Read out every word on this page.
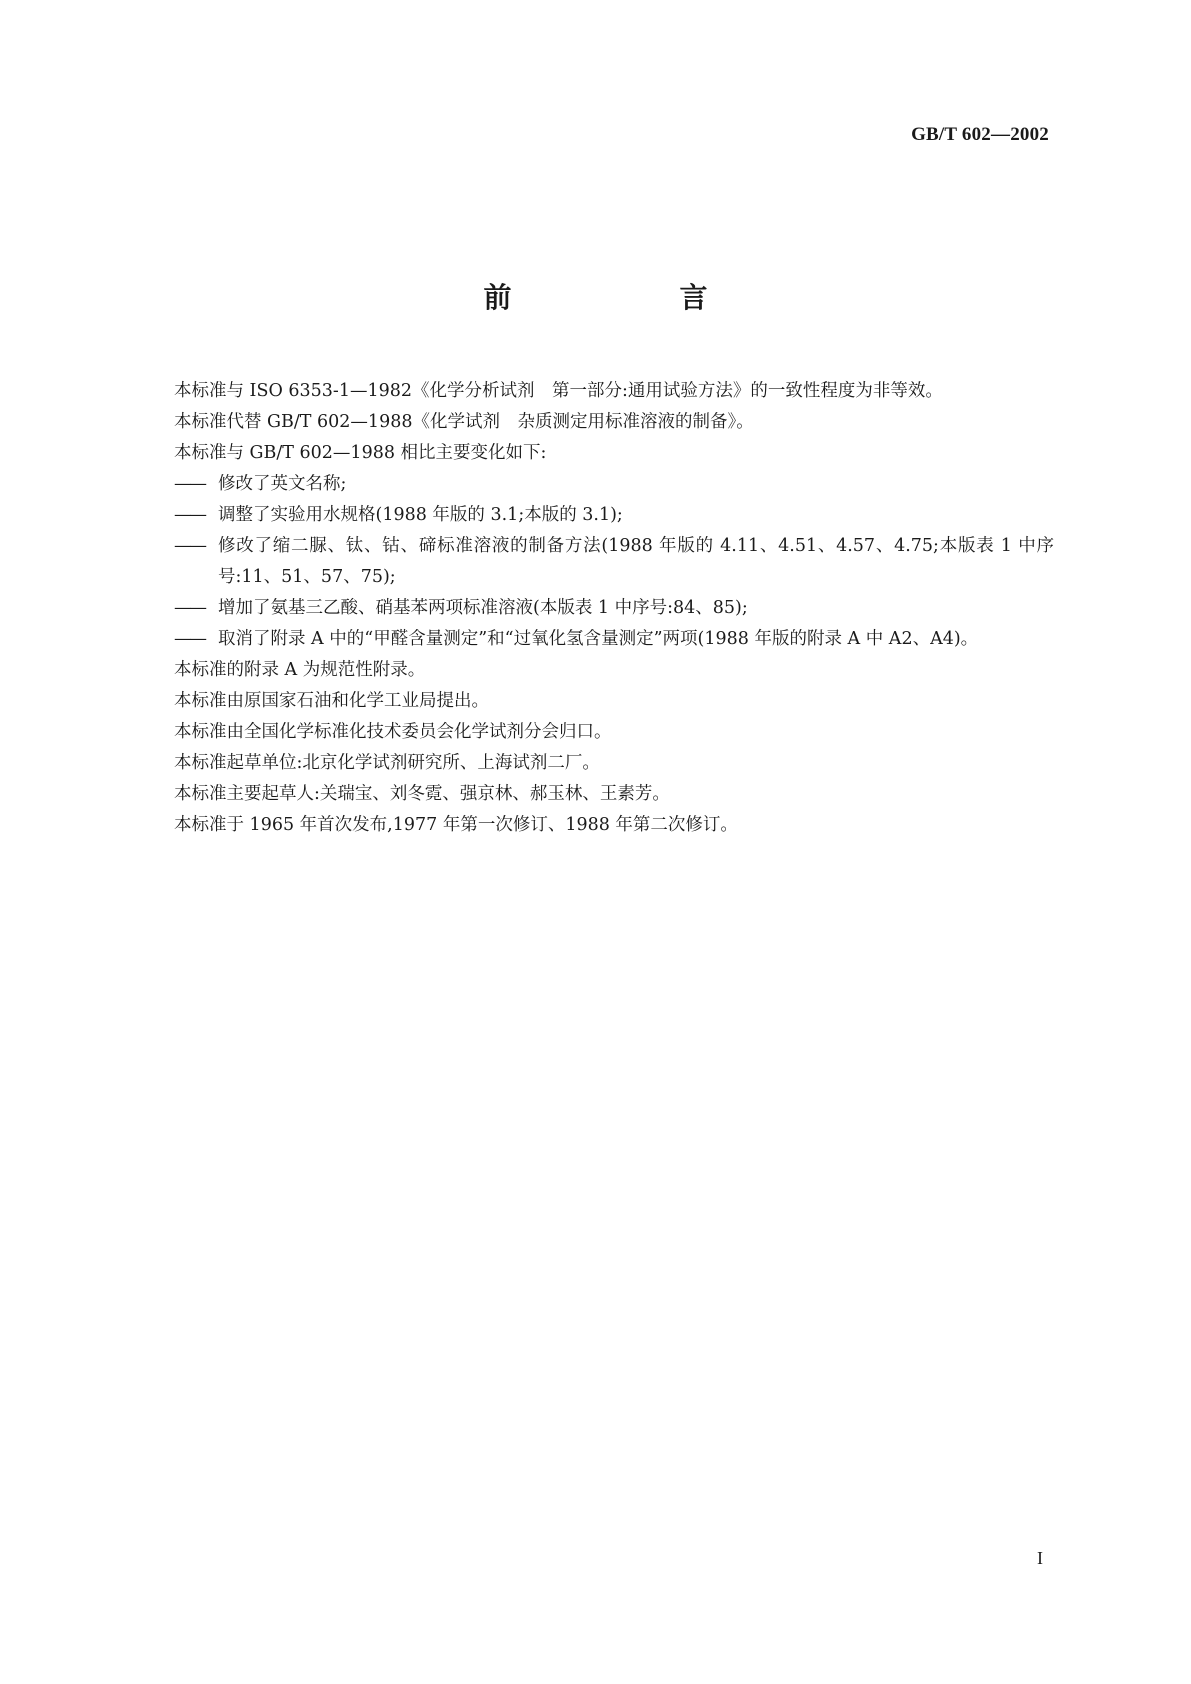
GB/T 602—2002
前　言
本标准与 ISO 6353-1—1982《化学分析试剂　第一部分:通用试验方法》的一致性程度为非等效。
本标准代替 GB/T 602—1988《化学试剂　杂质测定用标准溶液的制备》。
本标准与 GB/T 602—1988 相比主要变化如下:
—— 修改了英文名称;
—— 调整了实验用水规格(1988 年版的 3.1;本版的 3.1);
—— 修改了缩二脲、钛、钴、碲标准溶液的制备方法(1988 年版的 4.11、4.51、4.57、4.75;本版表 1 中序号:11、51、57、75);
—— 增加了氨基三乙酸、硝基苯两项标准溶液(本版表 1 中序号:84、85);
—— 取消了附录 A 中的“甲醛含量测定”和“过氧化氢含量测定”两项(1988 年版的附录 A 中 A2、A4)。
本标准的附录 A 为规范性附录。
本标准由原国家石油和化学工业局提出。
本标准由全国化学标准化技术委员会化学试剂分会归口。
本标准起草单位:北京化学试剂研究所、上海试剂二厂。
本标准主要起草人:关瑞宝、刘冬霓、强京林、郝玉林、王素芳。
本标准于 1965 年首次发布,1977 年第一次修订、1988 年第二次修订。
I
